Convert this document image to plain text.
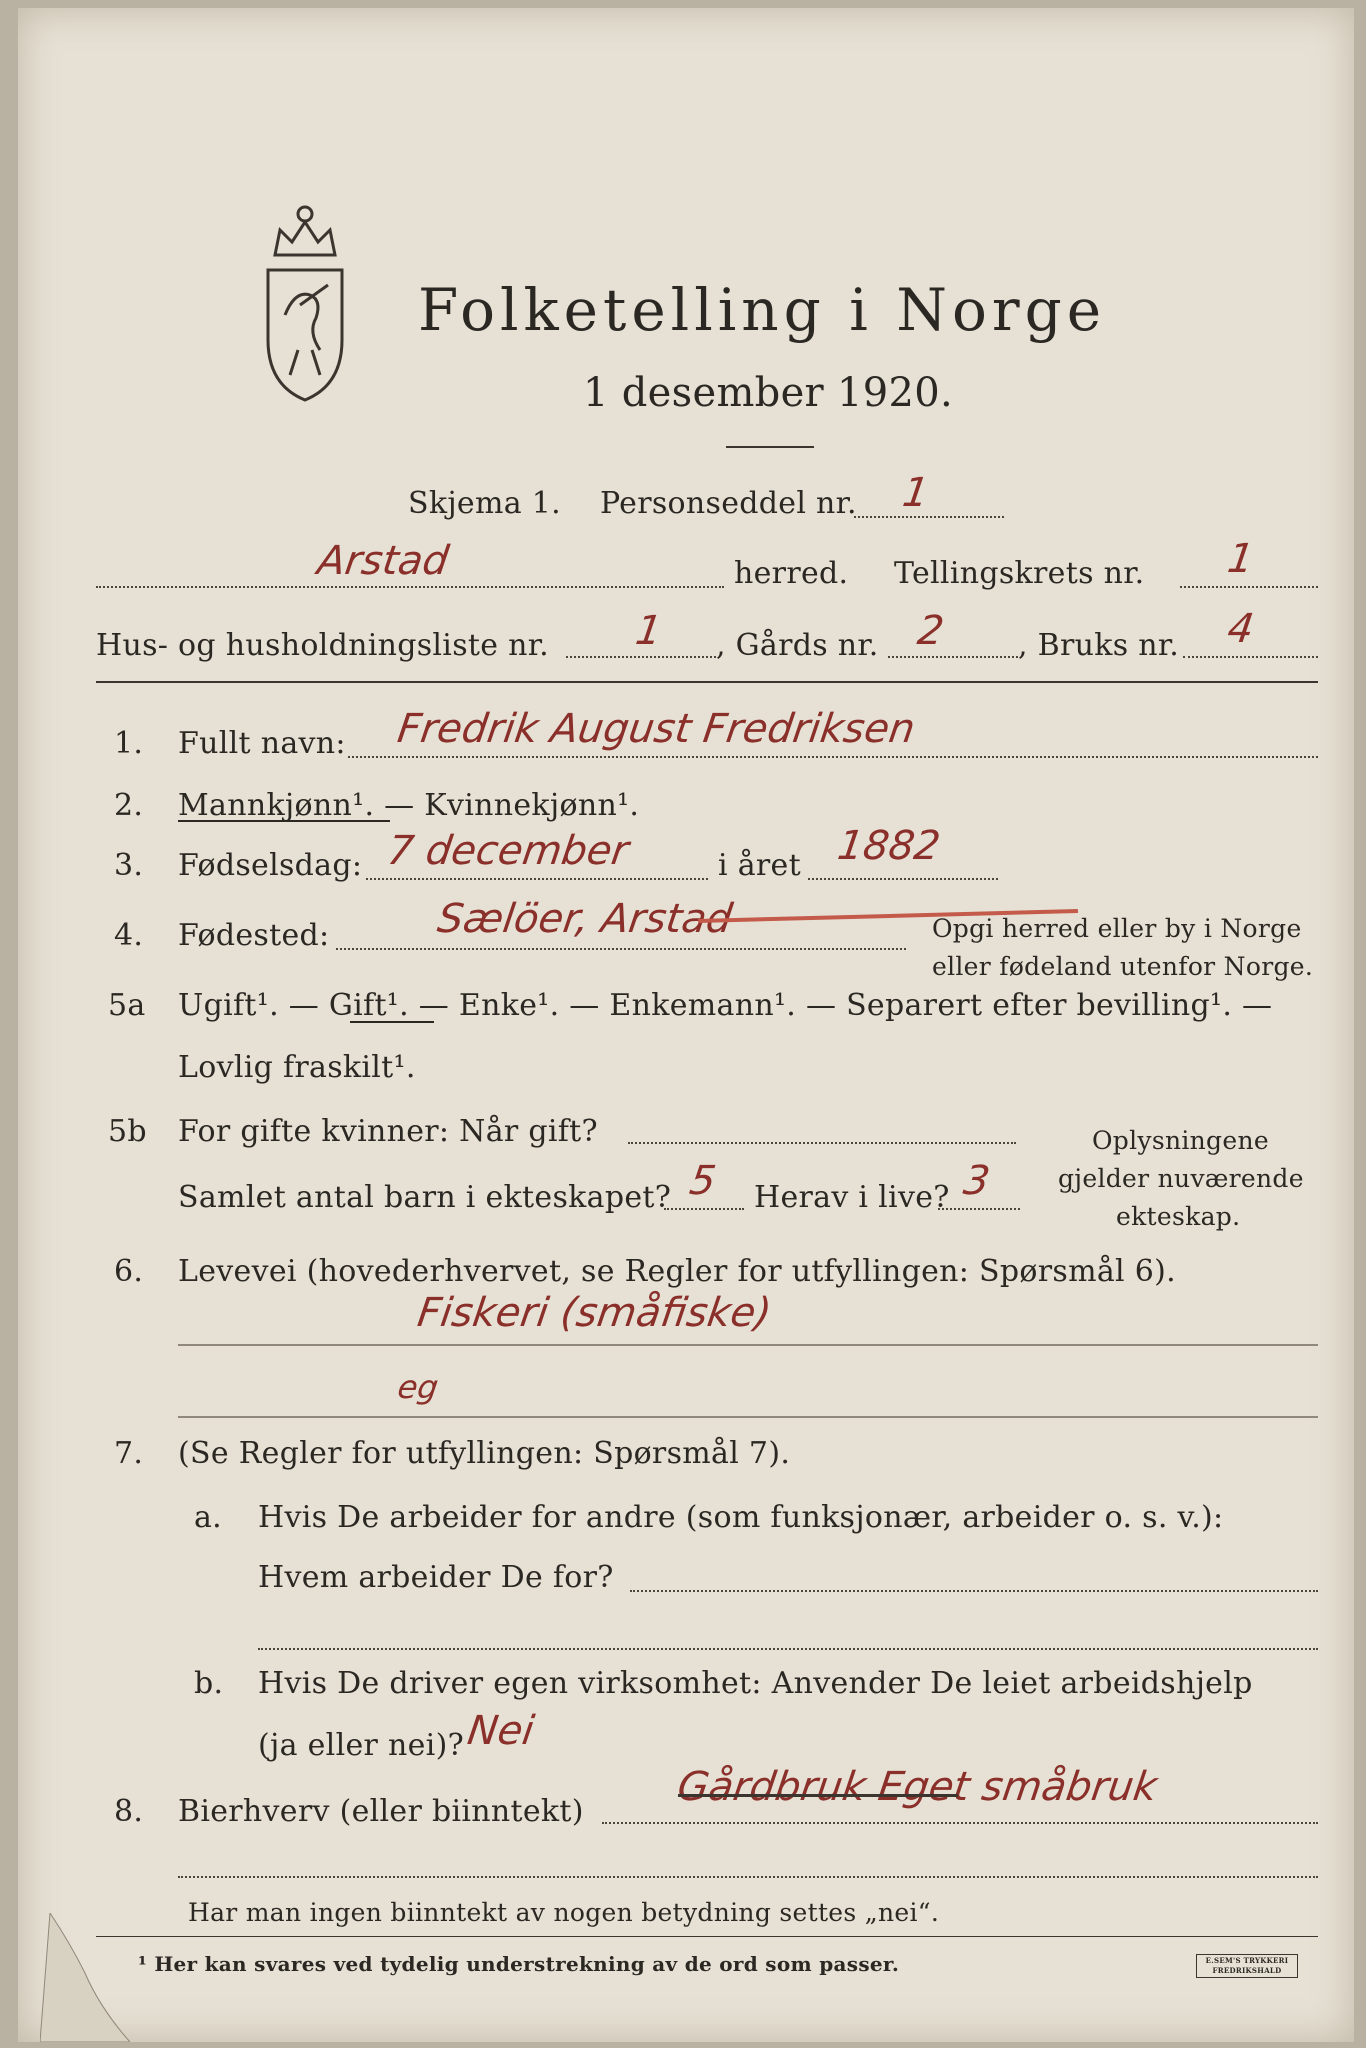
Folketelling i Norge
1 desember 1920.
Skjema 1. Personseddel nr. 1
Arstad	herred. Tellingskrets nr. 1
Hus- og husholdningsliste nr. 1 , Gårds nr. 2 , Bruks nr. 4
1. Fullt navn: Fredrik August Fredriksen
2. Mannkjønn¹. — Kvinnekjønn¹.
3. Fødselsdag: 7 december	i året 1882
4. Fødested:	Sælöer, Arstad	Opgi herred eller by i Norge
eller fødeland utenfor Norge.
5a Ugift¹. — Gift¹. — Enke¹. — Enkemann¹. — Separert efter bevilling¹. —
Lovlig fraskilt¹.
5b For gifte kvinner: Når gift?
Samlet antal barn i ekteskapet? 5 Herav i live? 3
Oplysningene
gjelder nuværende
ekteskap.
6. Levevei (hovederhvervet, se Regler for utfyllingen: Spørsmål 6).
Fiskeri (småfiske)
eg
7. (Se Regler for utfyllingen: Spørsmål 7).
a. Hvis De arbeider for andre (som funksjonær, arbeider o. s. v.):
Hvem arbeider De for?
b. Hvis De driver egen virksomhet: Anvender De leiet arbeidshjelp
(ja eller nei)? Nei
8. Bierhverv (eller biinntekt)
Gårdbruk Eget småbruk
Har man ingen biinntekt av nogen betydning settes „nei“.
¹ Her kan svares ved tydelig understrekning av de ord som passer.	E.SEM'S TRYKKERI FREDRIKSHALD
